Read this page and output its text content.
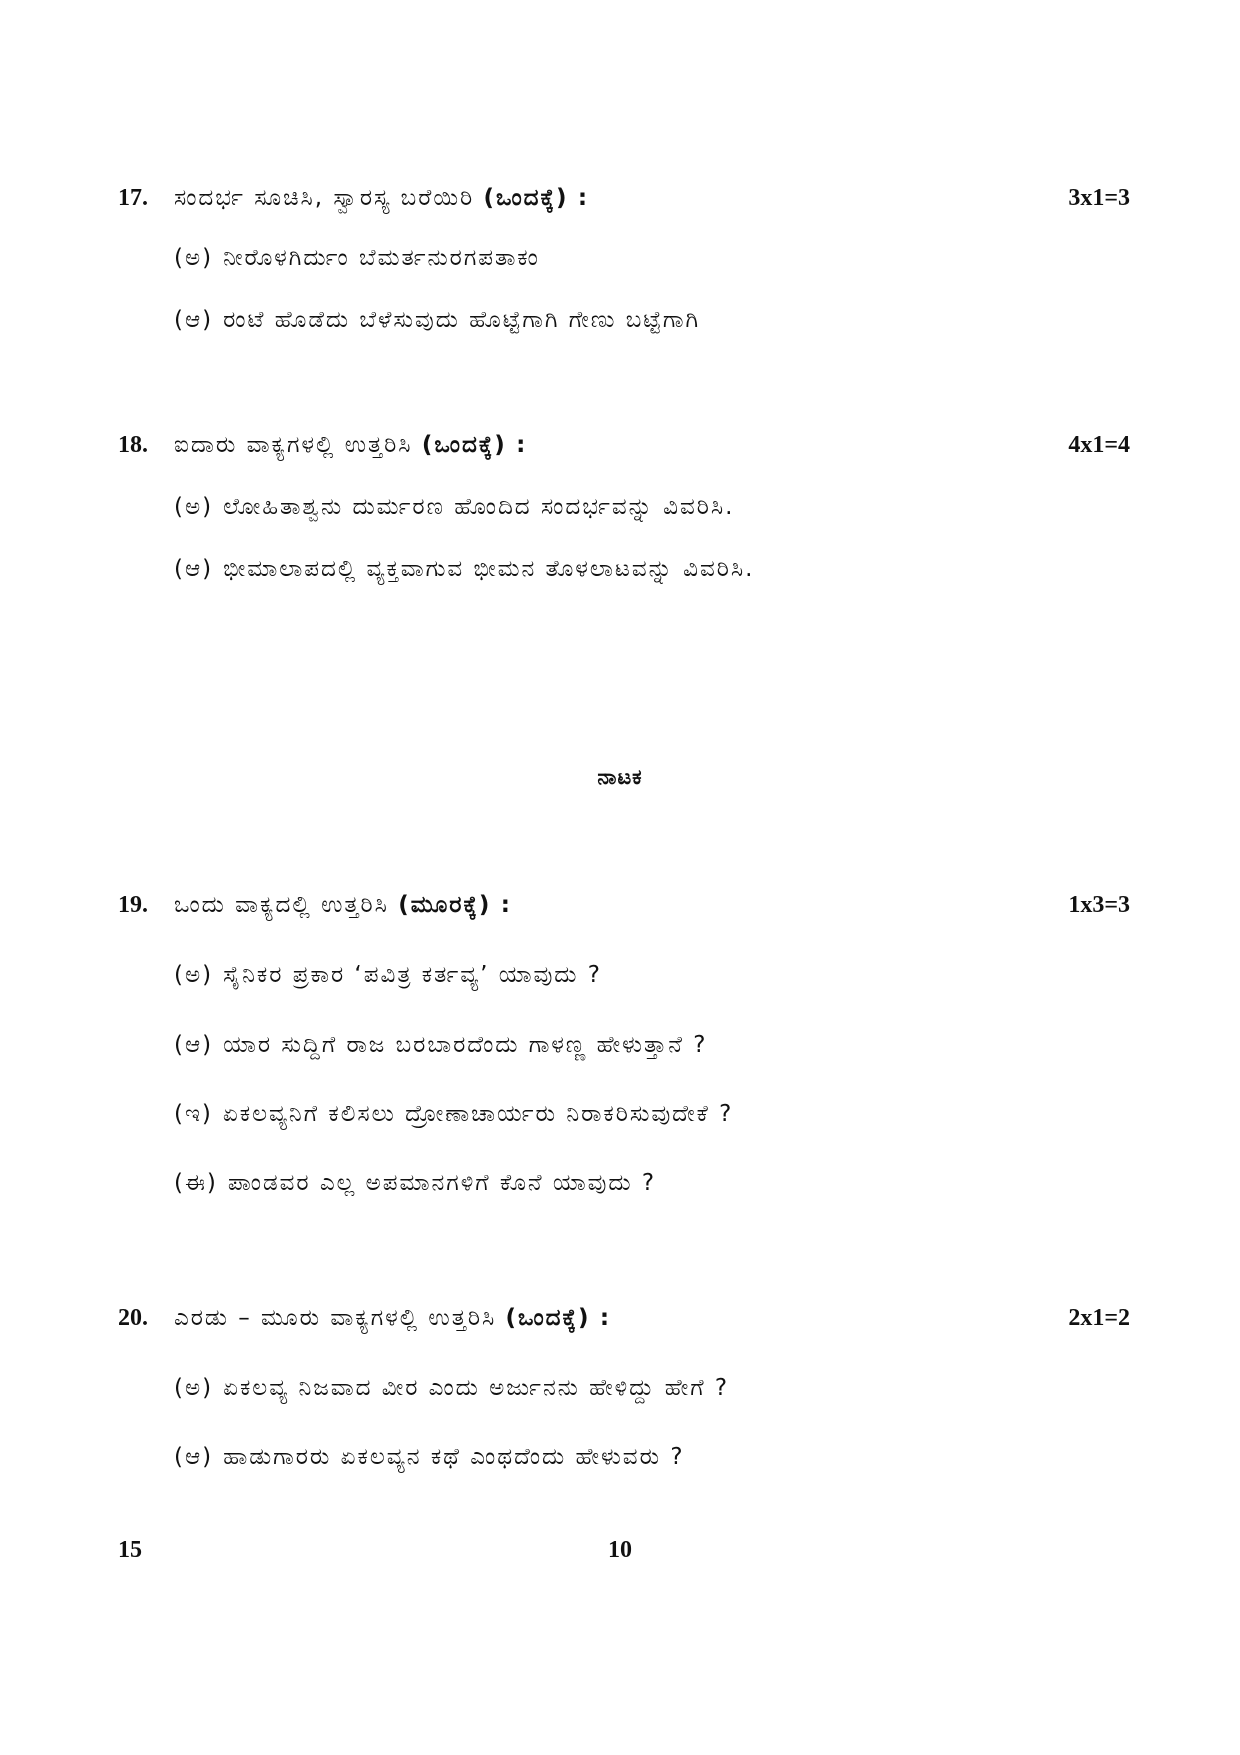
17. ಸಂದರ್ಭ ಸೂಚಿಸಿ, ಸ್ವಾರಸ್ಯ ಬರೆಯಿರಿ (ಒಂದಕ್ಕೆ) :	3x1=3
(ಅ) ನೀರೊಳಗಿರ್ದುಂ ಬೆಮರ್ತನುರಗಪತಾಕಂ
(ಆ) ರಂಟೆ ಹೊಡೆದು ಬೆಳೆಸುವುದು ಹೊಟ್ಟೆಗಾಗಿ ಗೇಣು ಬಟ್ಟೆಗಾಗಿ
18. ಐದಾರು ವಾಕ್ಯಗಳಲ್ಲಿ ಉತ್ತರಿಸಿ (ಒಂದಕ್ಕೆ) :	4x1=4
(ಅ) ಲೋಹಿತಾಶ್ವನು ದುರ್ಮರಣ ಹೊಂದಿದ ಸಂದರ್ಭವನ್ನು ವಿವರಿಸಿ.
(ಆ) ಭೀಮಾಲಾಪದಲ್ಲಿ ವ್ಯಕ್ತವಾಗುವ ಭೀಮನ ತೊಳಲಾಟವನ್ನು ವಿವರಿಸಿ.
ನಾಟಕ
19. ಒಂದು ವಾಕ್ಯದಲ್ಲಿ ಉತ್ತರಿಸಿ (ಮೂರಕ್ಕೆ) :	1x3=3
(ಅ) ಸೈನಿಕರ ಪ್ರಕಾರ ‘ಪವಿತ್ರ ಕರ್ತವ್ಯ’ ಯಾವುದು ?
(ಆ) ಯಾರ ಸುದ್ದಿಗೆ ರಾಜ ಬರಬಾರದೆಂದು ಗಾಳಣ್ಣ ಹೇಳುತ್ತಾನೆ ?
(ಇ) ಏಕಲವ್ಯನಿಗೆ ಕಲಿಸಲು ದ್ರೋಣಾಚಾರ್ಯರು ನಿರಾಕರಿಸುವುದೇಕೆ ?
(ಈ) ಪಾಂಡವರ ಎಲ್ಲ ಅಪಮಾನಗಳಿಗೆ ಕೊನೆ ಯಾವುದು ?
20. ಎರಡು – ಮೂರು ವಾಕ್ಯಗಳಲ್ಲಿ ಉತ್ತರಿಸಿ (ಒಂದಕ್ಕೆ) :	2x1=2
(ಅ) ಏಕಲವ್ಯ ನಿಜವಾದ ವೀರ ಎಂದು ಅರ್ಜುನನು ಹೇಳಿದ್ದು ಹೇಗೆ ?
(ಆ) ಹಾಡುಗಾರರು ಏಕಲವ್ಯನ ಕಥೆ ಎಂಥದೆಂದು ಹೇಳುವರು ?
15	10
